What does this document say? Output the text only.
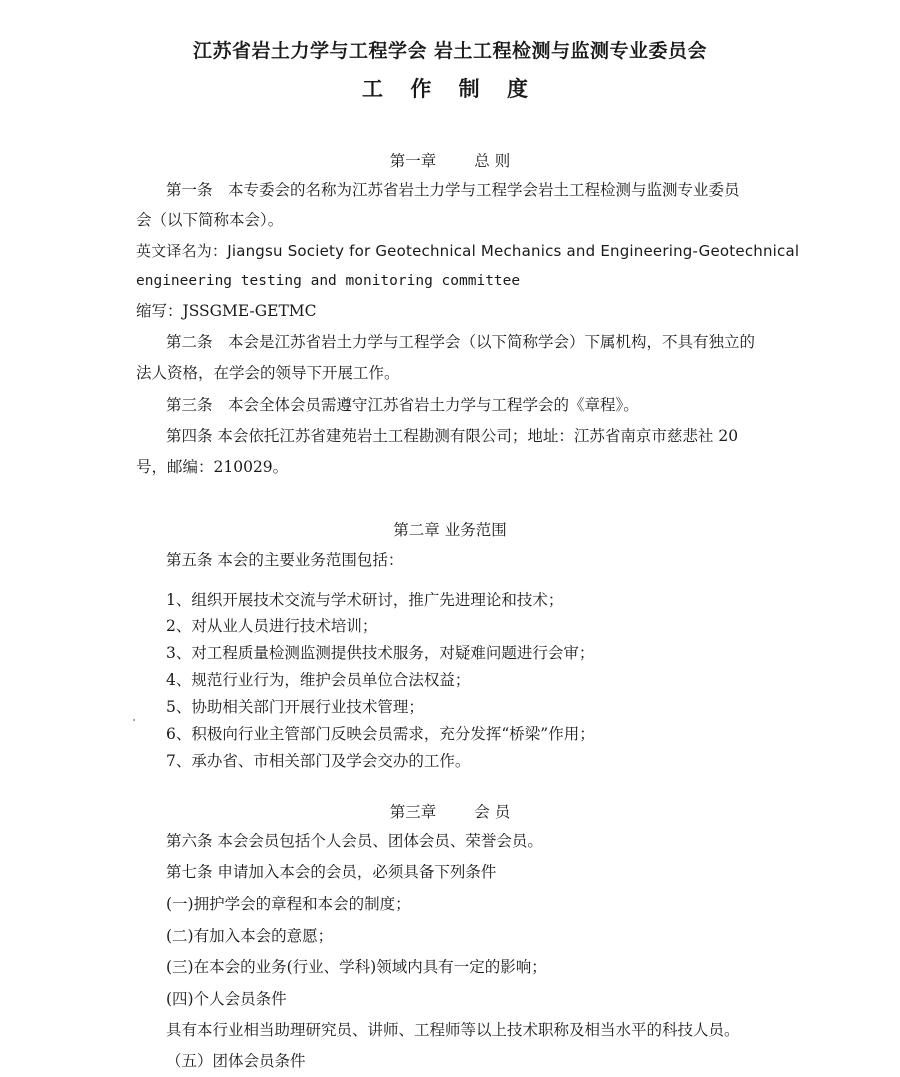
江苏省岩土力学与工程学会 岩土工程检测与监测专业委员会
工 作 制 度
第一章 总 则
第一条　本专委会的名称为江苏省岩土力学与工程学会岩土工程检测与监测专业委员
会（以下简称本会）。
英文译名为：Jiangsu Society for Geotechnical Mechanics and Engineering-Geotechnical
engineering testing and monitoring committee
缩写：JSSGME-GETMC
第二条　本会是江苏省岩土力学与工程学会（以下简称学会）下属机构，不具有独立的
法人资格，在学会的领导下开展工作。
第三条　本会全体会员需遵守江苏省岩土力学与工程学会的《章程》。
第四条 本会依托江苏省建苑岩土工程勘测有限公司；地址：江苏省南京市慈悲社 20
号，邮编：210029。
第二章 业务范围
第五条 本会的主要业务范围包括：
1、组织开展技术交流与学术研讨，推广先进理论和技术；
2、对从业人员进行技术培训；
3、对工程质量检测监测提供技术服务，对疑难问题进行会审；
4、规范行业行为，维护会员单位合法权益；
5、协助相关部门开展行业技术管理；
6、积极向行业主管部门反映会员需求，充分发挥“桥梁”作用；
7、承办省、市相关部门及学会交办的工作。
第三章 会 员
第六条 本会会员包括个人会员、团体会员、荣誉会员。
第七条 申请加入本会的会员，必须具备下列条件
(一)拥护学会的章程和本会的制度；
(二)有加入本会的意愿；
(三)在本会的业务(行业、学科)领域内具有一定的影响；
(四)个人会员条件
具有本行业相当助理研究员、讲师、工程师等以上技术职称及相当水平的科技人员。
（五）团体会员条件
